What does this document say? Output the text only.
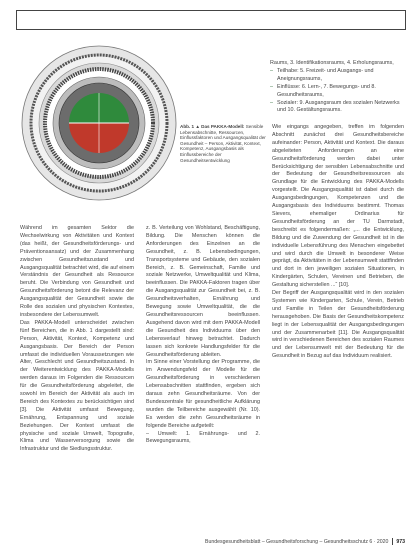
Abb. 1 ▲ Das PAKKA-Modell: Sensible Lebensabschnitte, Ressourcen, Einflussfaktoren und Ausgangsqualität der Gesundheit – Person, Aktivität, Kontext, Kompetenz, Ausgangsbasis als Einflussbereiche der Gesundheitsentwicklung
Raums, 3. Identifikationsraums, 4. Erholungsraums,
– Teilhabe: 5. Freizeit- und Ausgangs- und Aneignungsraums,
– Einflüsse: 6. Lern-, 7. Bewegungs- und 8. Gesundheitsraums,
– Sozialer: 9. Ausgangsraum des sozialen Netzwerks und 10. Gestältungsraums.

Wie eingangs angegeben, treffen im folgenden Abschnitt zunächst drei Gesundheitsbereiche aufeinander: Person, Aktivität und Kontext. Die daraus abgeleiteten Anforderungen an eine Gesundheitsförderung werden dabei unter Berücksichtigung der sensiblen Lebensabschnitte und der Bedeutung der Gesundheitsressourcen als Grundlage für die Entwicklung des PAKKA-Modells vorgestellt. Die Ausgangsqualität ist dabei durch die Ausgangsbedingungen, Kompetenzen und die Ausgangsbasis des Individuums bestimmt. Thomas Sievers, ehemaliger Ordinarius für Gesundheitsförderung an der TU Darmstadt, beschreibt es folgendermaßen: „... die Entwicklung, Bildung und die Zuwendung der Gesundheit ist in die individuelle Lebensführung des Menschen eingebettet und wird durch die Umwelt in besonderer Weise geprägt, da Aktivitäten in der Lebensumwelt stattfinden und dort in den jeweiligen sozialen Situationen, in Kindergärten, Schulen, Vereinen und Betrieben, die Gestaltung sicherstellen ...“ [10].

Der Begriff der Ausgangsqualität wird in den sozialen Systemen wie Kindergarten, Schule, Verein, Betrieb und Familie in Teilen der Gesundheitsförderung herausgehoben. Die Basis der Gesundheitskompetenz liegt in der Lebensqualität der Ausgangsbedingungen und der Zusammenarbeit [11]. Die Ausgangsqualität wird in verschiedenen Bereichen des sozialen Raumes und der Lebensumwelt mit der Bedeutung für die Gesundheit in Bezug auf das Individuum realisiert.

Während im gesamten Sektor die Wechselwirkung von Aktivitäten und Kontext (das heißt, der Gesundheitsförderungs- und Präventionsansatz) und der Zusammenhang zwischen Gesundheitszustand und Ausgangsqualität betrachtet wird, die auf einem Verständnis der Gesundheit als Ressource beruht. Die Verbindung von Gesundheit und Gesundheitsförderung betont die Relevanz der Ausgangsqualität der Gesundheit sowie die Rolle des sozialen und physischen Kontextes, insbesondere der Lebensumwelt.

Das PAKKA-Modell unterscheidet zwischen fünf Bereichen, die in Abb. 1 dargestellt sind: Person, Aktivität, Kontext, Kompetenz und Ausgangsbasis. Der Bereich der Person umfasst die individuellen Voraussetzungen wie Alter, Geschlecht und Gesundheitszustand. In der Weiterentwicklung des PAKKA-Modells werden daraus im Folgenden die Ressourcen für die Gesundheitsförderung abgeleitet, die sowohl im Bereich der Aktivität als auch im Bereich des Kontextes zu berücksichtigen sind [3]. Die Aktivität umfasst Bewegung, Ernährung, Entspannung und soziale Beziehungen. Der Kontext umfasst die physische und soziale Umwelt, Topografie, Klima und Wasserversorgung sowie die Infrastruktur und die Siedlungsstruktur.

z. B. Verteilung von Wohlstand, Beschäftigung, Bildung. Die Menschen können die Anforderungen des Einzelnen an die Gesundheit, z. B. Lebensbedingungen, Transportsysteme und Gebäude, den sozialen Bereich, z. B. Gemeinschaft, Familie und soziale Netzwerke, Umweltqualität und Klima, beeinflussen. Die PAKKA-Faktoren tragen über die Ausgangsqualität zur Gesundheit bei, z. B. Gesundheitsverhalten, Ernährung und Bewegung sowie Umweltqualität, die die Gesundheitsressourcen beeinflussen. Ausgehend davon wird mit dem PAKKA-Modell die Gesundheit des Individuums über den Lebensverlauf hinweg betrachtet. Dadurch lassen sich konkrete Handlungsfelder für die Gesundheitsförderung ableiten.

Im Sinne einer Vorstellung der Programme, die im Anwendungsfeld der Modelle für die Gesundheitsförderung in verschiedenen Lebensabschnitten stattfinden, ergeben sich daraus zehn Gesundheitsräume. Von der Bundeszentrale für gesundheitliche Aufklärung wurden die Teilbereiche ausgewählt (Nr. 10). Es werden die zehn Gesundheitsräume in folgende Bereiche aufgeteilt:

– Umwelt: 1. Ernährungs- und 2. Bewegungsraums,

Bundesgesundheitsblatt – Gesundheitsforschung – Gesundheitsschutz 6 · 2020 973
